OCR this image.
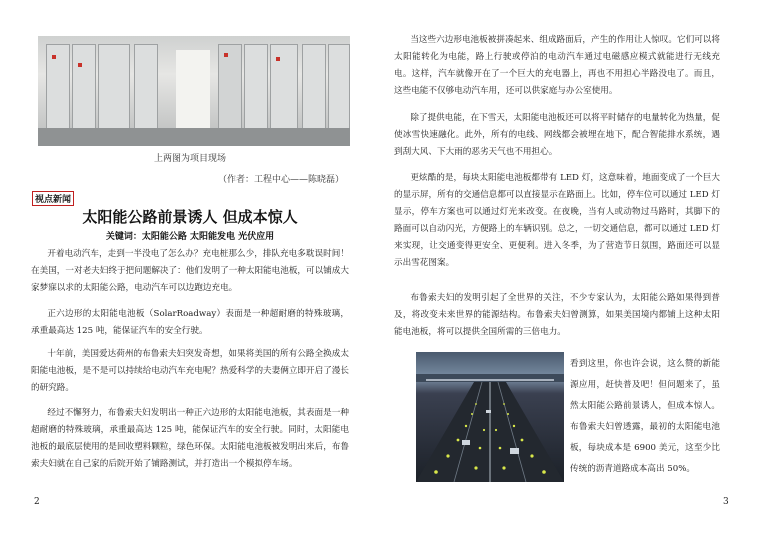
上两图为项目现场
（作者：工程中心——陈晓磊）
视点新闻
太阳能公路前景诱人 但成本惊人
关键词：太阳能公路 太阳能发电 光伏应用

开着电动汽车，走到一半没电了怎么办？充电桩那么少，排队充电多耽误时间！在美国，一对老夫妇终于把问题解决了：他们发明了一种太阳能电池板，可以铺成大家梦寐以求的太阳能公路，电动汽车可以边跑边充电。

正六边形的太阳能电池板（SolarRoadway）表面是一种超耐磨的特殊玻璃，承重最高达 125 吨，能保证汽车的安全行驶。

十年前，美国爱达荷州的布鲁索夫妇突发奇想，如果将美国的所有公路全换成太阳能电池板，是不是可以持续给电动汽车充电呢？热爱科学的夫妻俩立即开启了漫长的研究路。

经过不懈努力，布鲁索夫妇发明出一种正六边形的太阳能电池板，其表面是一种超耐磨的特殊玻璃，承重最高达 125 吨，能保证汽车的安全行驶。同时，太阳能电池板的最底层使用的是回收塑料颗粒，绿色环保。太阳能电池板被发明出来后，布鲁索夫妇就在自己家的后院开始了铺路测试，并打造出一个模拟停车场。

2

当这些六边形电池板被拼凑起来、组成路面后，产生的作用让人惊叹。它们可以将太阳能转化为电能，路上行驶或停泊的电动汽车通过电磁感应模式就能进行无线充电。这样，汽车就像开在了一个巨大的充电器上，再也不用担心半路没电了。而且，这些电能不仅够电动汽车用，还可以供家庭与办公室使用。

除了提供电能，在下雪天，太阳能电池板还可以将平时储存的电量转化为热量，促使冰雪快速融化。此外，所有的电线、网线都会被埋在地下，配合智能排水系统，遇到刮大风、下大雨的恶劣天气也不用担心。

更炫酷的是，每块太阳能电池板都带有 LED 灯，这意味着，地面变成了一个巨大的显示屏，所有的交通信息都可以直接显示在路面上。比如，停车位可以通过 LED 灯显示，停车方案也可以通过灯光来改变。在夜晚，当有人或动物过马路时，其脚下的路面可以自动闪光，方便路上的车辆识别。总之，一切交通信息，都可以通过 LED 灯来实现，让交通变得更安全、更便利。进入冬季，为了营造节日氛围，路面还可以显示出雪花图案。

布鲁索夫妇的发明引起了全世界的关注，不少专家认为，太阳能公路如果得到普及，将改变未来世界的能源结构。布鲁索夫妇曾测算，如果美国境内都铺上这种太阳能电池板，将可以提供全国所需的三倍电力。

看到这里，你也许会说，这么赞的新能源应用，赶快普及吧！但问题来了，虽然太阳能公路前景诱人，但成本惊人。布鲁索夫妇曾透露，最初的太阳能电池板，每块成本是 6900 美元，这至少比传统的沥青道路成本高出 50%。

3
